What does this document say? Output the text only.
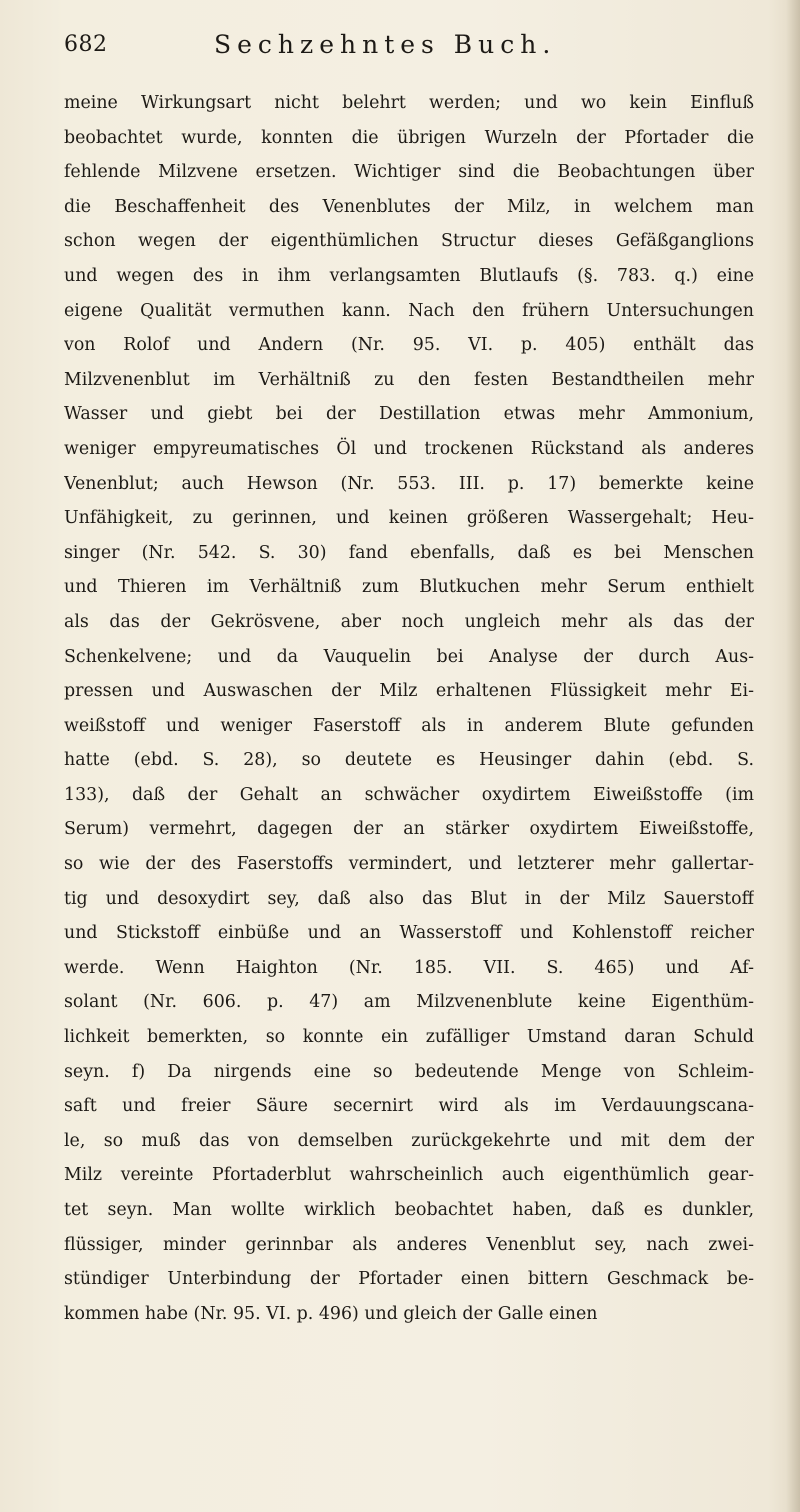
682	Sechzehntes Buch.
meine Wirkungsart nicht belehrt werden; und wo kein Einfluß
beobachtet wurde, konnten die übrigen Wurzeln der Pfortader die
fehlende Milzvene ersetzen. Wichtiger sind die Beobachtungen über
die Beschaffenheit des Venenblutes der Milz, in welchem man
schon wegen der eigenthümlichen Structur dieses Gefäßganglions
und wegen des in ihm verlangsamten Blutlaufs (§. 783. q.) eine
eigene Qualität vermuthen kann. Nach den frühern Untersuchungen
von Rolof und Andern (Nr. 95. VI. p. 405) enthält das
Milzvenenblut im Verhältniß zu den festen Bestandtheilen mehr
Wasser und giebt bei der Destillation etwas mehr Ammonium,
weniger empyreumatisches Öl und trockenen Rückstand als anderes
Venenblut; auch Hewson (Nr. 553. III. p. 17) bemerkte keine
Unfähigkeit, zu gerinnen, und keinen größeren Wassergehalt; Heu-
singer (Nr. 542. S. 30) fand ebenfalls, daß es bei Menschen
und Thieren im Verhältniß zum Blutkuchen mehr Serum enthielt
als das der Gekrösvene, aber noch ungleich mehr als das der
Schenkelvene; und da Vauquelin bei Analyse der durch Aus-
pressen und Auswaschen der Milz erhaltenen Flüssigkeit mehr Ei-
weißstoff und weniger Faserstoff als in anderem Blute gefunden
hatte (ebd. S. 28), so deutete es Heusinger dahin (ebd. S.
133), daß der Gehalt an schwächer oxydirtem Eiweißstoffe (im
Serum) vermehrt, dagegen der an stärker oxydirtem Eiweißstoffe,
so wie der des Faserstoffs vermindert, und letzterer mehr gallertar-
tig und desoxydirt sey, daß also das Blut in der Milz Sauerstoff
und Stickstoff einbüße und an Wasserstoff und Kohlenstoff reicher
werde. Wenn Haighton (Nr. 185. VII. S. 465) und Af-
solant (Nr. 606. p. 47) am Milzvenenblute keine Eigenthüm-
lichkeit bemerkten, so konnte ein zufälliger Umstand daran Schuld
seyn. f) Da nirgends eine so bedeutende Menge von Schleim-
saft und freier Säure secernirt wird als im Verdauungscana-
le, so muß das von demselben zurückgekehrte und mit dem der
Milz vereinte Pfortaderblut wahrscheinlich auch eigenthümlich gear-
tet seyn. Man wollte wirklich beobachtet haben, daß es dunkler,
flüssiger, minder gerinnbar als anderes Venenblut sey, nach zwei-
stündiger Unterbindung der Pfortader einen bittern Geschmack be-
kommen habe (Nr. 95. VI. p. 496) und gleich der Galle einen
